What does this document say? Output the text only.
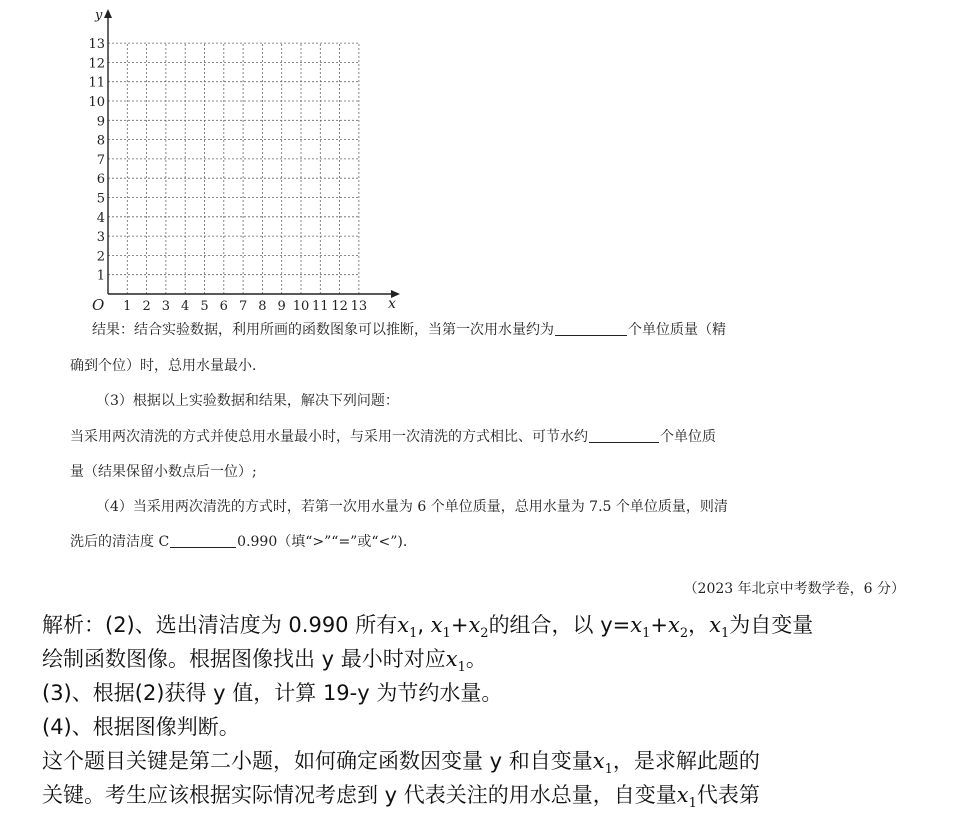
1 2 3 4 5 6 7 8 9 10 11 12 13
1
2
3
4
5
6
7
8
9
10
11
12
13
O	x
y
结果：结合实验数据，利用所画的函数图象可以推断，当第一次用水量约为	个单位质量（精
确到个位）时，总用水量最小.
（3）根据以上实验数据和结果，解决下列问题：
当采用两次清洗的方式并使总用水量最小时，与采用一次清洗的方式相比、可节水约	个单位质
量（结果保留小数点后一位）;
（4）当采用两次清洗的方式时，若第一次用水量为 6 个单位质量，总用水量为 7.5 个单位质量，则清
洗后的清洁度 C	0.990（填“>”“=”或“<”).
（2023 年北京中考数学卷，6 分）
解析：(2)、选出清洁度为 0.990 所有$x_1$, $x_1+x_2$的组合，以 $y=x_1+x_2$，$x_1$为自变量
绘制函数图像。根据图像找出 y 最小时对应$x_1$。
(3)、根据(2)获得 y 值，计算 19-y 为节约水量。
(4)、根据图像判断。
这个题目关键是第二小题，如何确定函数因变量 y 和自变量$x_1$，是求解此题的
关键。考生应该根据实际情况考虑到 y 代表关注的用水总量，自变量$x_1$代表第
